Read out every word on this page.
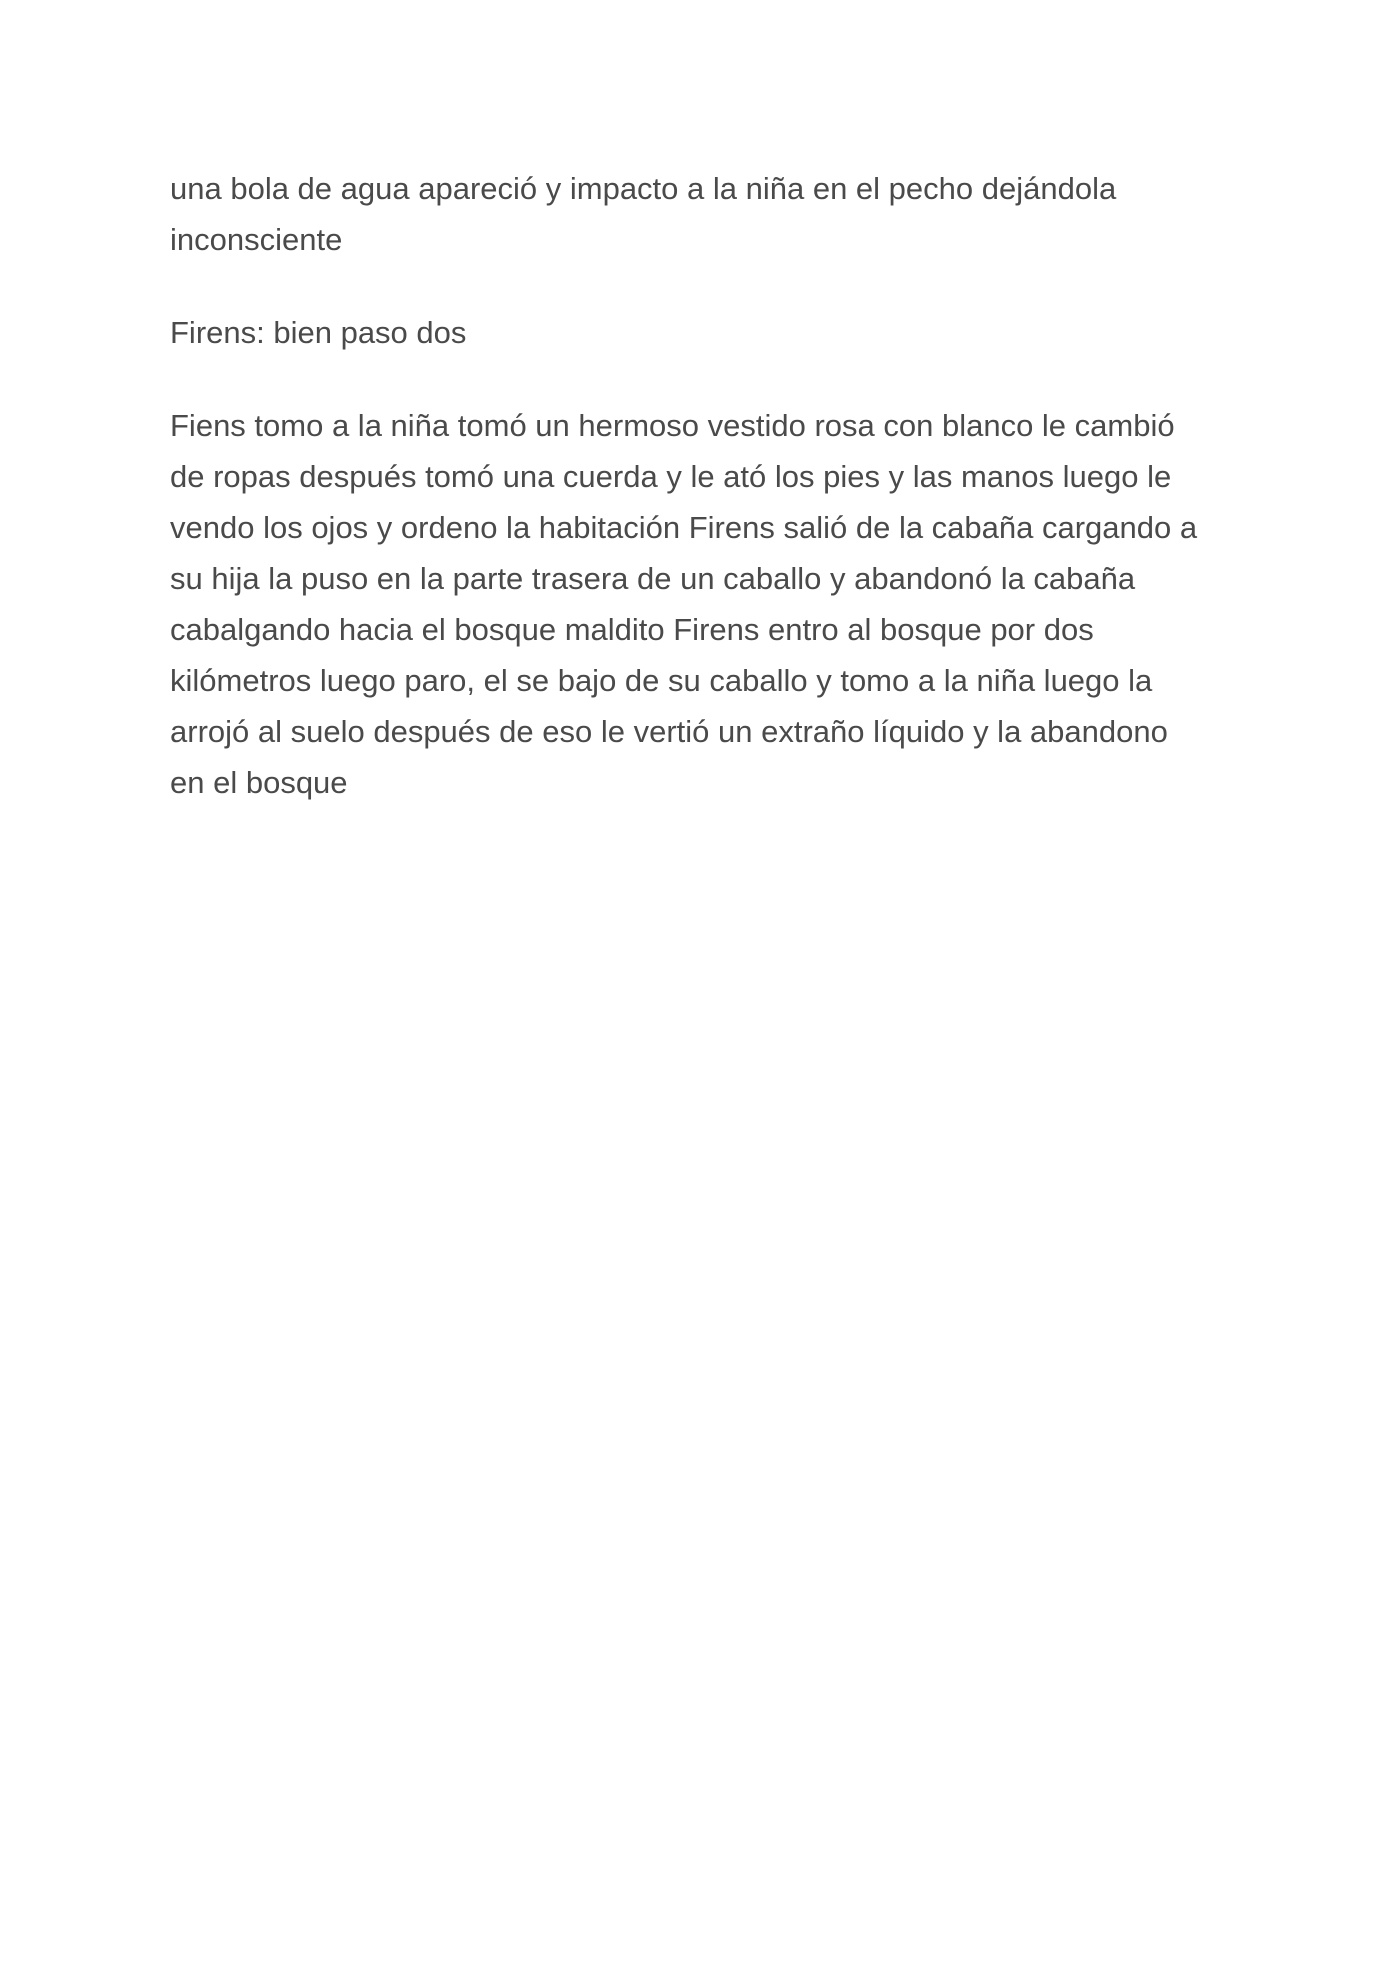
una bola de agua apareció y impacto a la niña en el pecho dejándola
inconsciente

Firens: bien paso dos

Fiens tomo a la niña tomó un hermoso vestido rosa con blanco le cambió
de ropas después tomó una cuerda y le ató los pies y las manos luego le
vendo los ojos y ordeno la habitación Firens salió de la cabaña cargando a
su hija la puso en la parte trasera de un caballo y abandonó la cabaña
cabalgando hacia el bosque maldito Firens entro al bosque por dos
kilómetros luego paro, el se bajo de su caballo y tomo a la niña luego la
arrojó al suelo después de eso le vertió un extraño líquido y la abandono
en el bosque
